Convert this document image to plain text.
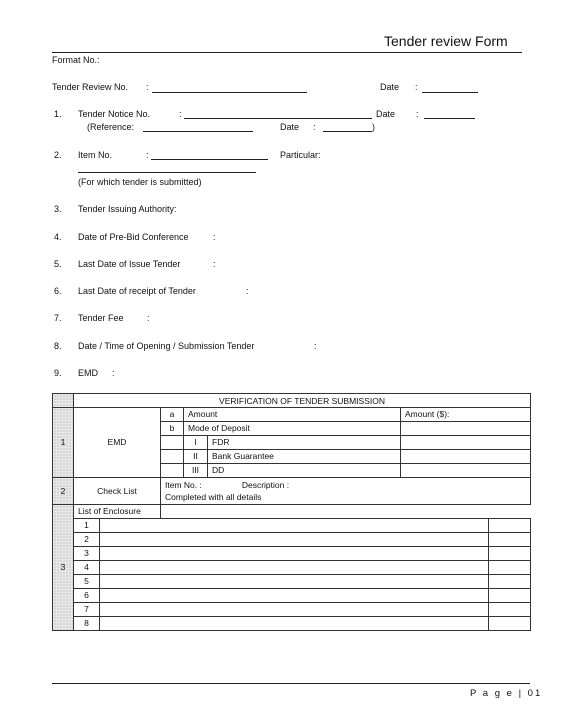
Tender review Form
Format No.:
Tender Review No. :	Date :
1.	Tender Notice No.	:	Date :
(Reference:	Date :	)
2.	Item No.	:	Particular:
(For which tender is submitted)
3.	Tender Issuing Authority:
4.	Date of Pre-Bid Conference	:
5.	Last Date of Issue Tender	:
6.	Last Date of receipt of Tender	:
7.	Tender Fee	:
8.	Date / Time of Opening / Submission Tender	:
9.	EMD :
	VERIFICATION OF TENDER SUBMISSION						
1	EMD		a	Amount		Amount ($):	
			b	Mode of Deposit			
				I	FDR		
				II	Bank Guarantee		
				III	DD		
2	Check List		Item No. : Description :
Completed with all details				
3	List of Enclosure						
	1						
	2						
	3						
	4						
	5						
	6						
	7						
	8						
P a g e | 01
